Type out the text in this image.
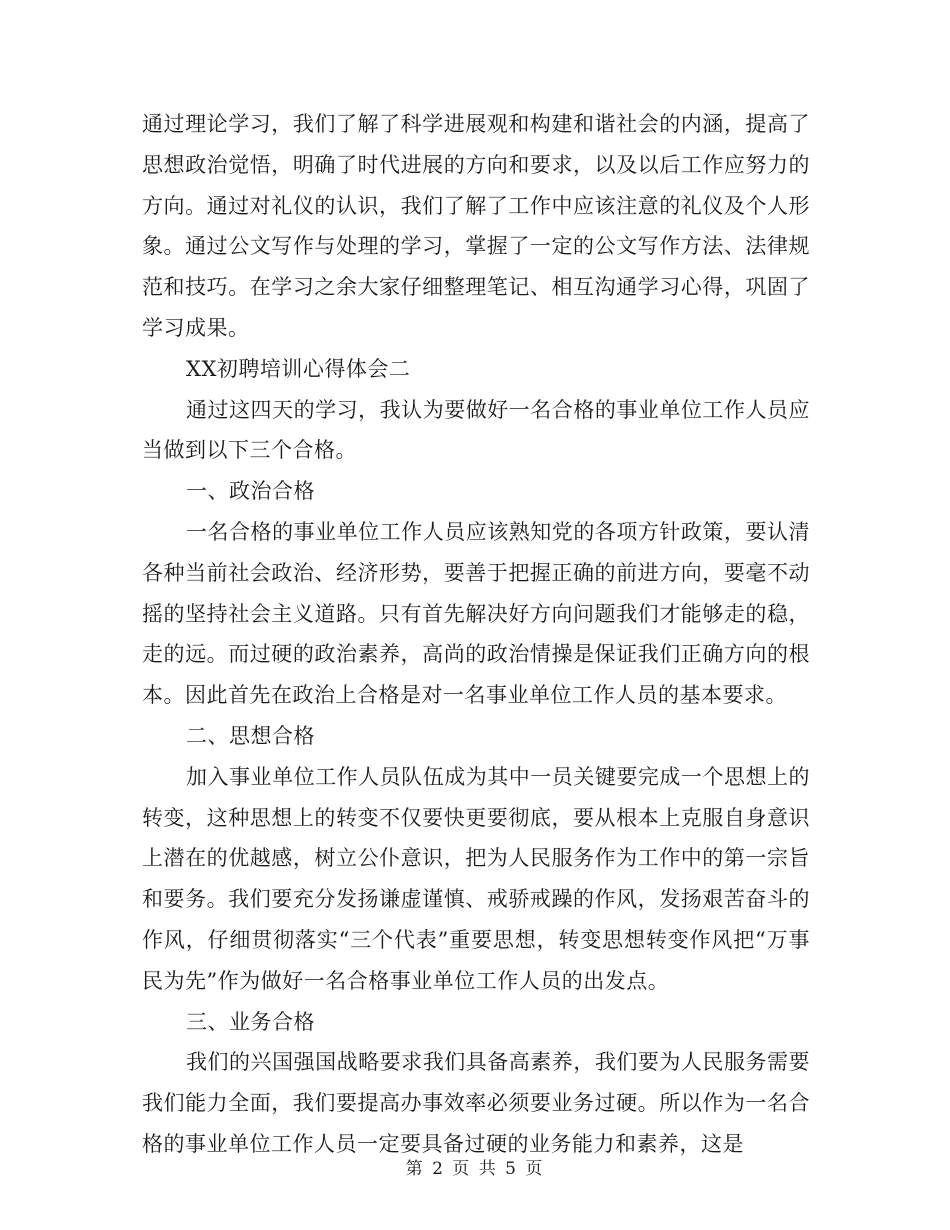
通过理论学习，我们了解了科学进展观和构建和谐社会的内涵，提高了思想政治觉悟，明确了时代进展的方向和要求，以及以后工作应努力的方向。通过对礼仪的认识，我们了解了工作中应该注意的礼仪及个人形象。通过公文写作与处理的学习，掌握了一定的公文写作方法、法律规范和技巧。在学习之余大家仔细整理笔记、相互沟通学习心得，巩固了学习成果。

XX初聘培训心得体会二

通过这四天的学习，我认为要做好一名合格的事业单位工作人员应当做到以下三个合格。

一、政治合格

一名合格的事业单位工作人员应该熟知党的各项方针政策，要认清各种当前社会政治、经济形势，要善于把握正确的前进方向，要毫不动摇的坚持社会主义道路。只有首先解决好方向问题我们才能够走的稳，走的远。而过硬的政治素养，高尚的政治情操是保证我们正确方向的根本。因此首先在政治上合格是对一名事业单位工作人员的基本要求。

二、思想合格

加入事业单位工作人员队伍成为其中一员关键要完成一个思想上的转变，这种思想上的转变不仅要快更要彻底，要从根本上克服自身意识上潜在的优越感，树立公仆意识，把为人民服务作为工作中的第一宗旨和要务。我们要充分发扬谦虚谨慎、戒骄戒躁的作风，发扬艰苦奋斗的作风，仔细贯彻落实“三个代表”重要思想，转变思想转变作风把“万事民为先”作为做好一名合格事业单位工作人员的出发点。

三、业务合格

我们的兴国强国战略要求我们具备高素养，我们要为人民服务需要我们能力全面，我们要提高办事效率必须要业务过硬。所以作为一名合格的事业单位工作人员一定要具备过硬的业务能力和素养，这是

第 2 页 共 5 页
